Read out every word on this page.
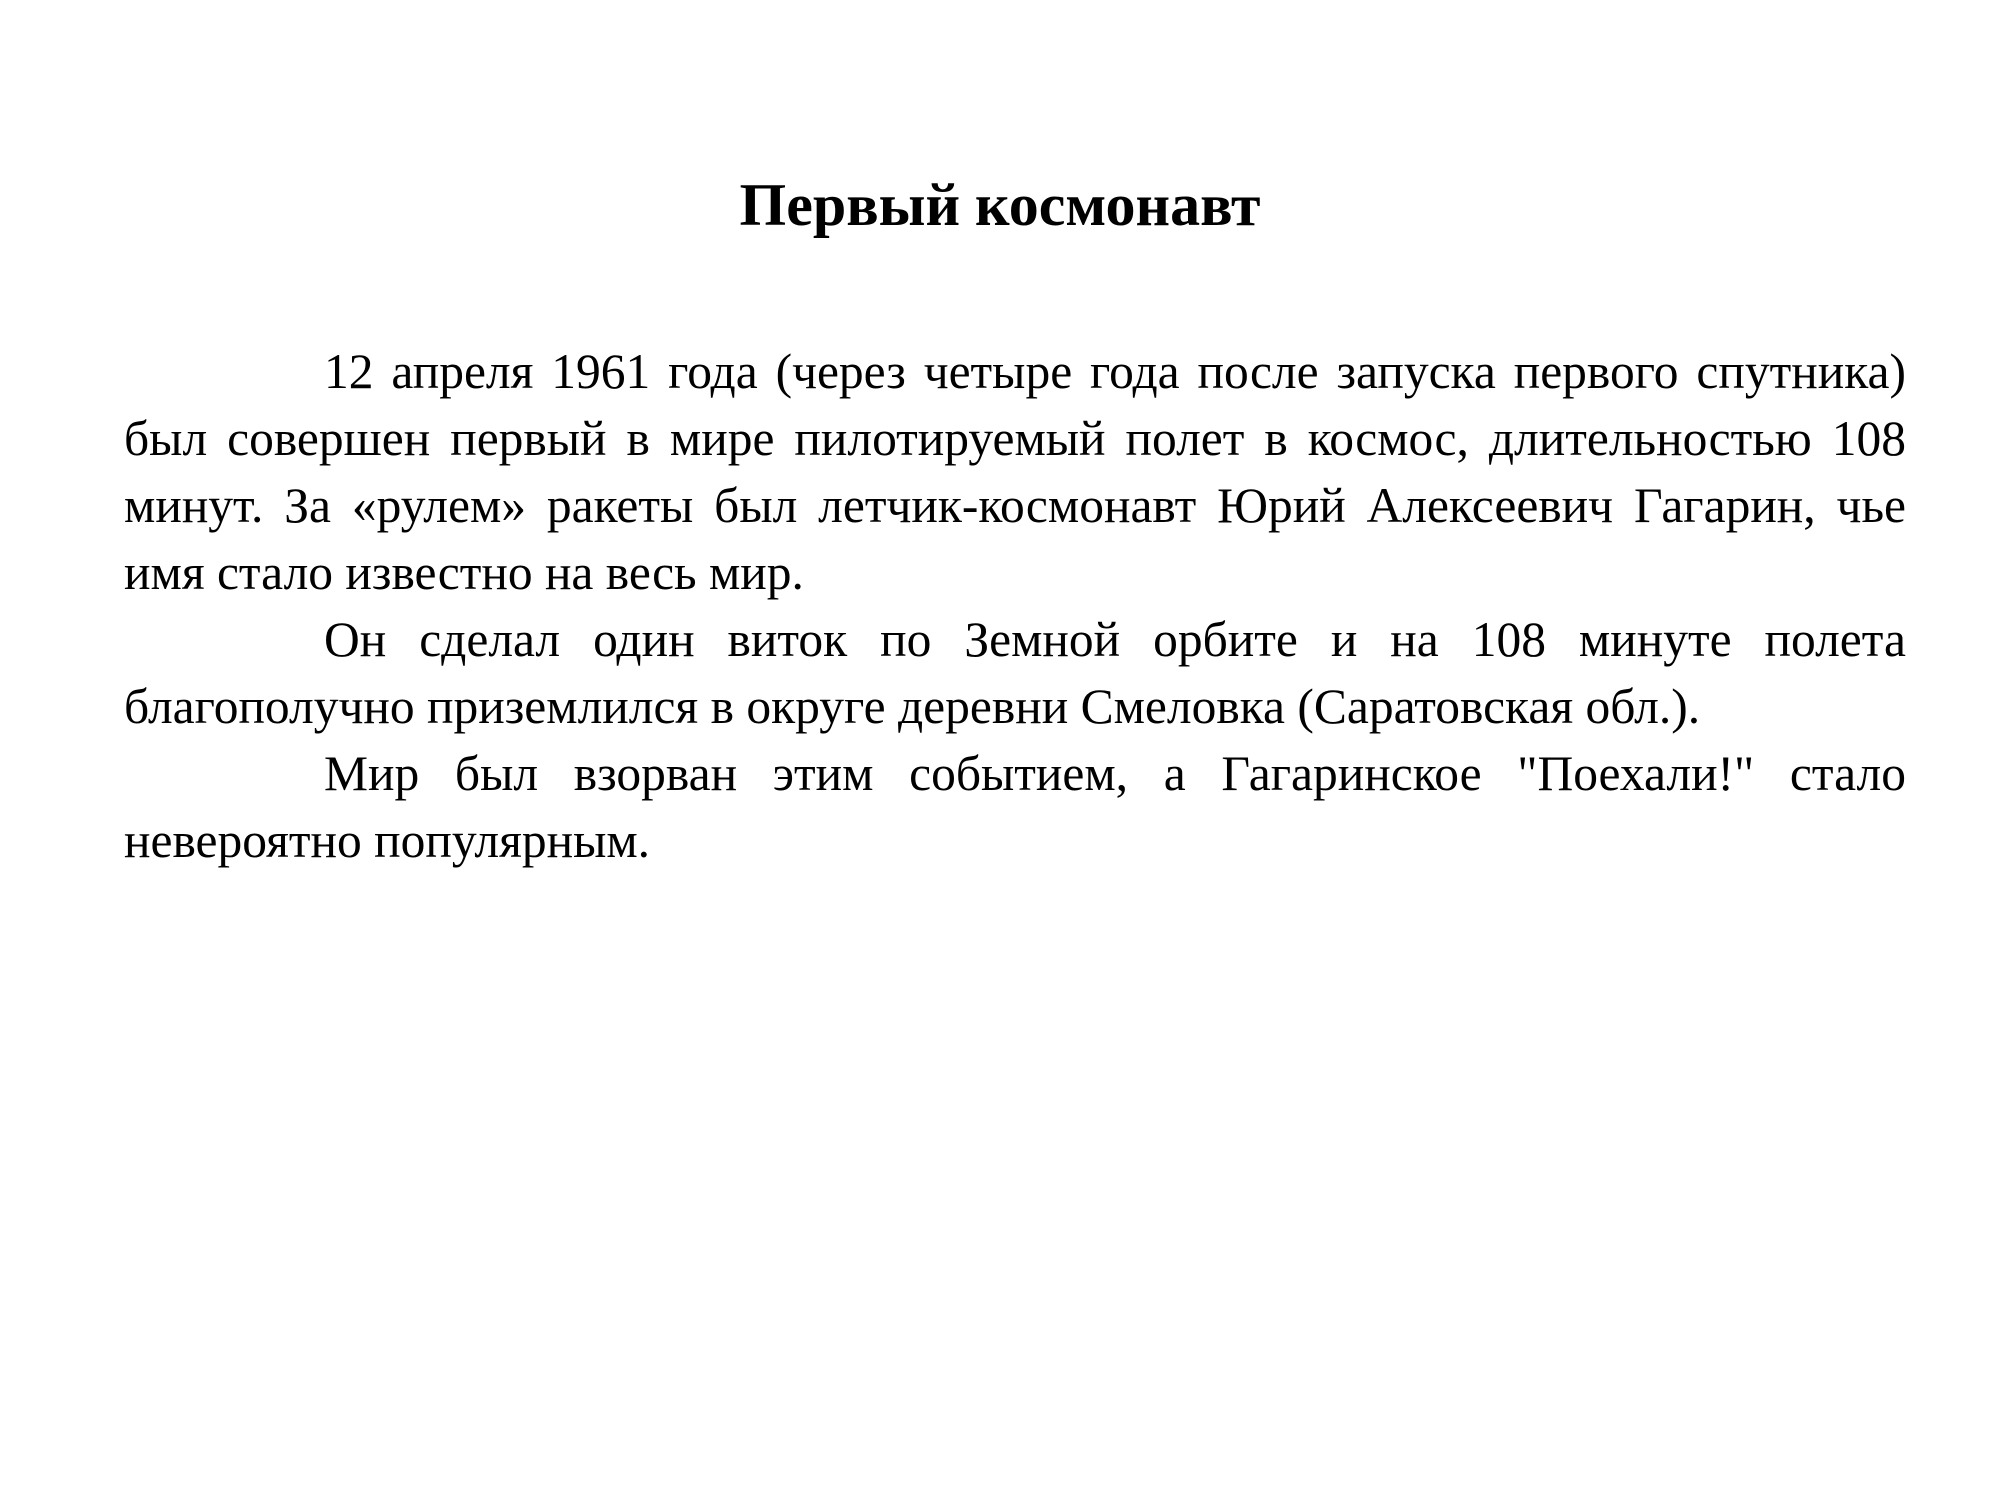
Первый космонавт

12 апреля 1961 года (через четыре года после запуска первого спутника) был совершен первый в мире пилотируемый полет в космос, длительностью 108 минут. За «рулем» ракеты был летчик-космонавт Юрий Алексеевич Гагарин, чье имя стало известно на весь мир.

Он сделал один виток по Земной орбите и на 108 минуте полета благополучно приземлился в округе деревни Смеловка (Саратовская обл.).

Мир был взорван этим событием, а Гагаринское "Поехали!" стало невероятно популярным.
